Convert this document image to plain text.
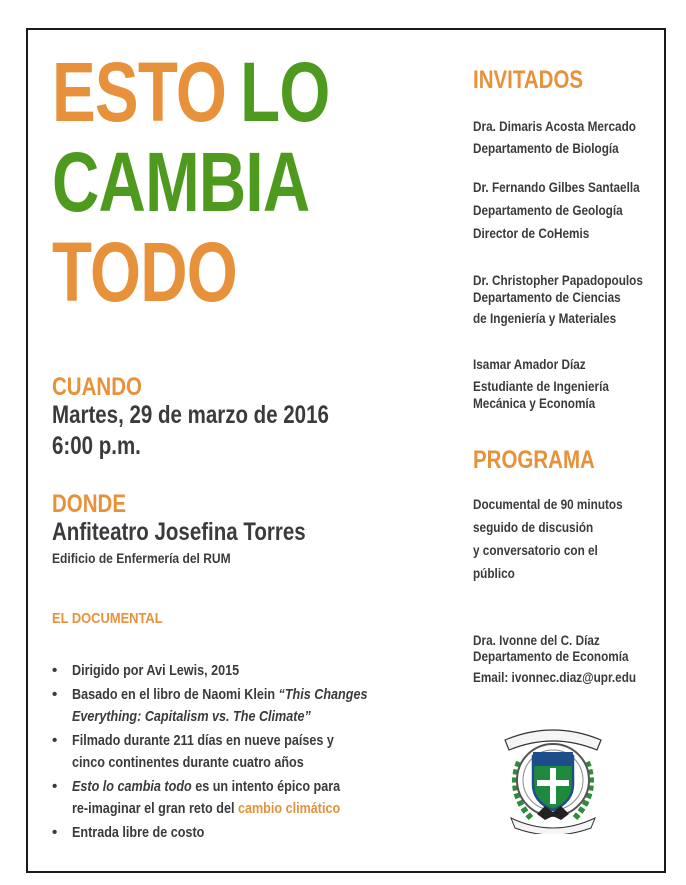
ESTO LO
CAMBIA
TODO
CUANDO
Martes, 29 de marzo de 2016
6:00 p.m.
DONDE
Anfiteatro Josefina Torres
Edificio de Enfermería del RUM
EL DOCUMENTAL
• Dirigido por Avi Lewis, 2015
• Basado en el libro de Naomi Klein “This Changes
Everything: Capitalism vs. The Climate”
• Filmado durante 211 días en nueve países y
cinco continentes durante cuatro años
• Esto lo cambia todo es un intento épico para
re-imaginar el gran reto del cambio climático
• Entrada libre de costo
INVITADOS
Dra. Dimaris Acosta Mercado
Departamento de Biología
Dr. Fernando Gilbes Santaella
Departamento de Geología
Director de CoHemis
Dr. Christopher Papadopoulos
Departamento de Ciencias
de Ingeniería y Materiales
Isamar Amador Díaz
Estudiante de Ingeniería
Mecánica y Economía
PROGRAMA
Documental de 90 minutos
seguido de discusión
y conversatorio con el
público
Dra. Ivonne del C. Díaz
Departamento de Economía
Email: ivonnec.diaz@upr.edu
